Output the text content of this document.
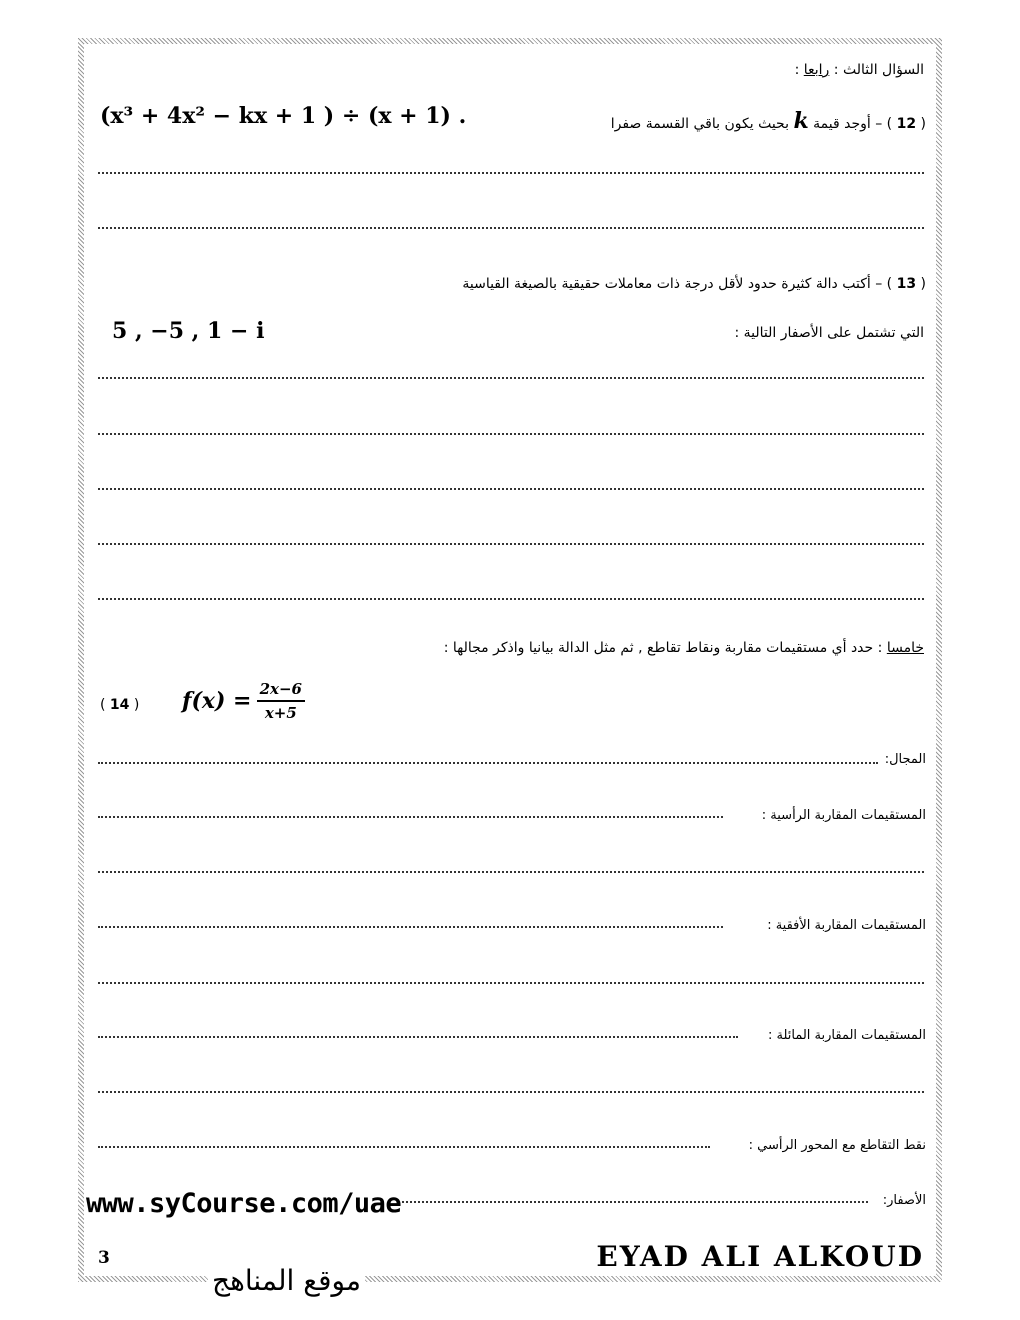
السؤال الثالث : رابعا :
( 12 ) – أوجد قيمة k بحيث يكون باقي القسمة صفرا
(x³ + 4x² − kx + 1 ) ÷ (x + 1) .
( 13 ) – أكتب دالة كثيرة حدود لأقل درجة ذات معاملات حقيقية بالصيغة القياسية
التي تشتمل على الأصفار التالية :
5 , −5 , 1 − i
خامسا : حدد أي مستقيمات مقاربة ونقاط تقاطع , ثم مثل الدالة بيانيا واذكر مجالها :
( 14 ) $f(x) = \frac{2x-6}{x+5}$
المجال:
المستقيمات المقاربة الرأسية :
المستقيمات المقاربة الأفقية :
المستقيمات المقاربة المائلة :
نقط التقاطع مع المحور الرأسي :
الأصفار:
www.syCourse.com/uae
3	EYAD ALI ALKOUD
موقع المناهج
